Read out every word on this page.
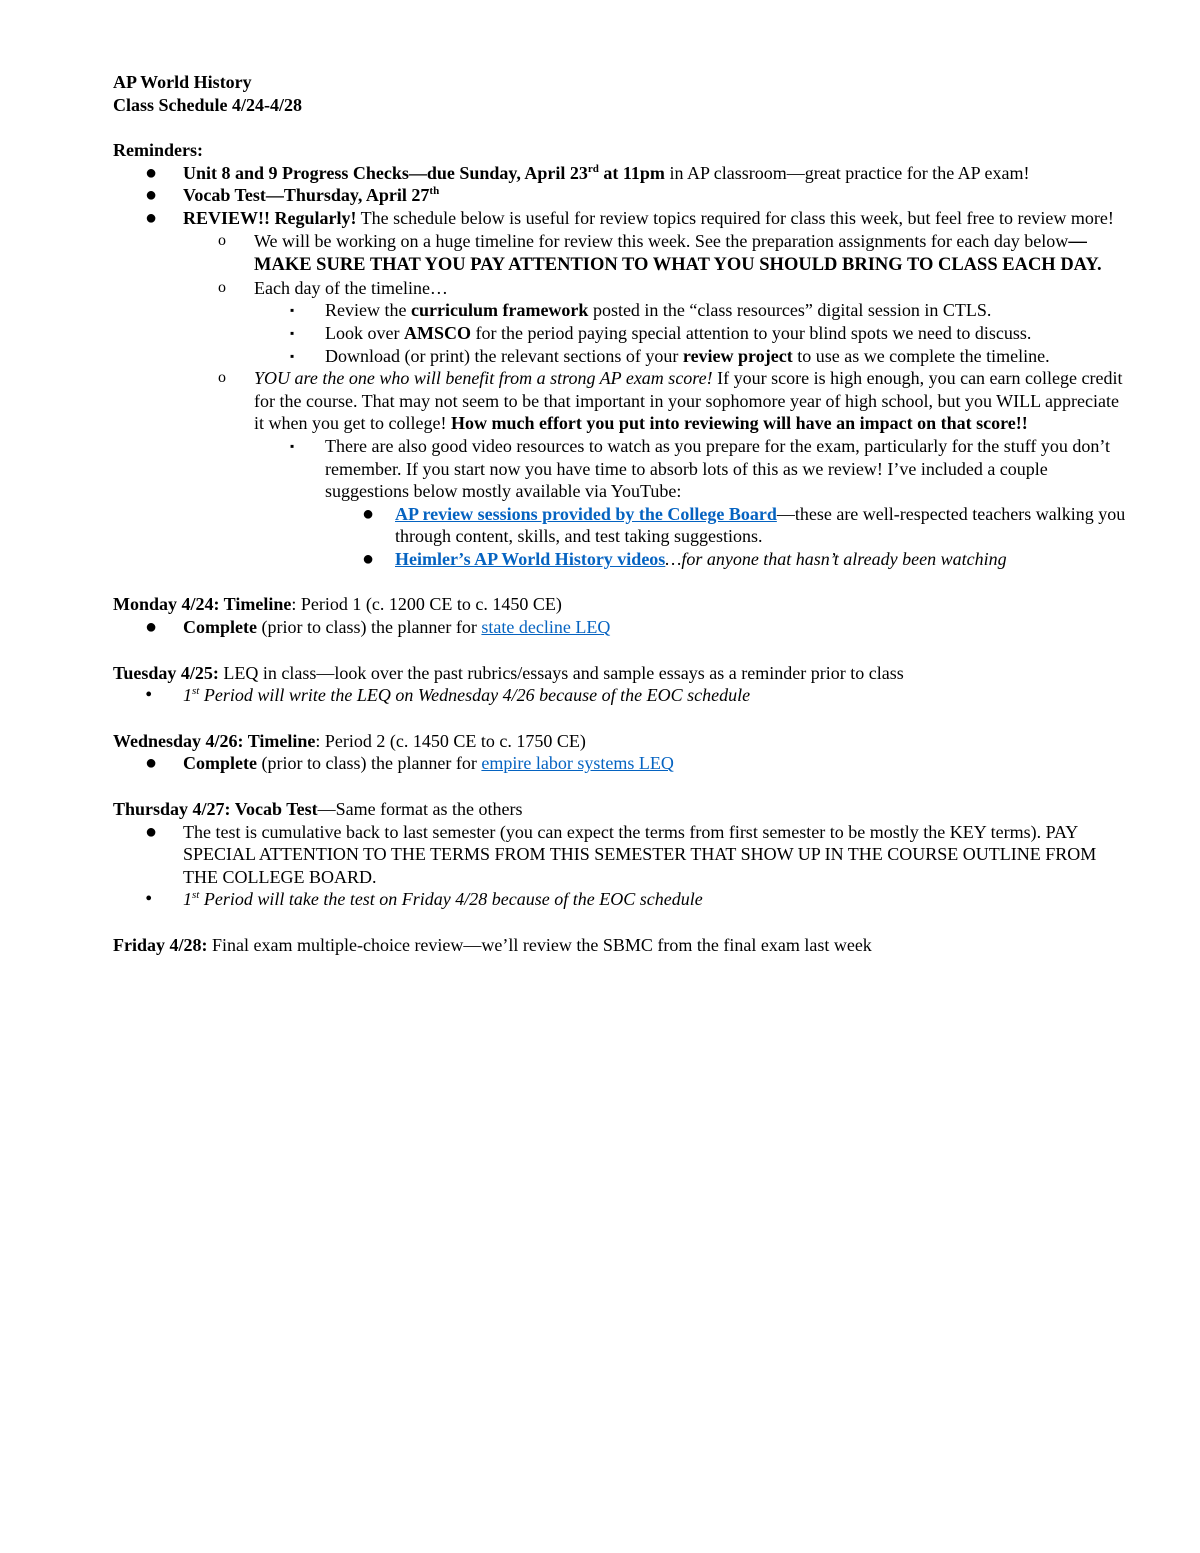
AP World History

Class Schedule 4/24-4/28

Reminders:

● Unit 8 and 9 Progress Checks—due Sunday, April 23rd at 11pm in AP classroom—great practice for the AP exam!
● Vocab Test—Thursday, April 27th
● REVIEW!! Regularly! The schedule below is useful for review topics required for class this week, but feel free to review more!
o We will be working on a huge timeline for review this week. See the preparation assignments for each day below—MAKE SURE THAT YOU PAY ATTENTION TO WHAT YOU SHOULD BRING TO CLASS EACH DAY.
o Each day of the timeline…
▪ Review the curriculum framework posted in the “class resources” digital session in CTLS.
▪ Look over AMSCO for the period paying special attention to your blind spots we need to discuss.
▪ Download (or print) the relevant sections of your review project to use as we complete the timeline.
o YOU are the one who will benefit from a strong AP exam score! If your score is high enough, you can earn college credit for the course. That may not seem to be that important in your sophomore year of high school, but you WILL appreciate it when you get to college! How much effort you put into reviewing will have an impact on that score!!
▪ There are also good video resources to watch as you prepare for the exam, particularly for the stuff you don’t remember. If you start now you have time to absorb lots of this as we review! I’ve included a couple suggestions below mostly available via YouTube:
● AP review sessions provided by the College Board—these are well-respected teachers walking you through content, skills, and test taking suggestions.
● Heimler’s AP World History videos…for anyone that hasn’t already been watching

Monday 4/24: Timeline: Period 1 (c. 1200 CE to c. 1450 CE)

● Complete (prior to class) the planner for state decline LEQ

Tuesday 4/25: LEQ in class—look over the past rubrics/essays and sample essays as a reminder prior to class

• 1st Period will write the LEQ on Wednesday 4/26 because of the EOC schedule

Wednesday 4/26: Timeline: Period 2 (c. 1450 CE to c. 1750 CE)

● Complete (prior to class) the planner for empire labor systems LEQ

Thursday 4/27: Vocab Test—Same format as the others

● The test is cumulative back to last semester (you can expect the terms from first semester to be mostly the KEY terms). PAY SPECIAL ATTENTION TO THE TERMS FROM THIS SEMESTER THAT SHOW UP IN THE COURSE OUTLINE FROM THE COLLEGE BOARD.
• 1st Period will take the test on Friday 4/28 because of the EOC schedule

Friday 4/28: Final exam multiple-choice review—we’ll review the SBMC from the final exam last week
